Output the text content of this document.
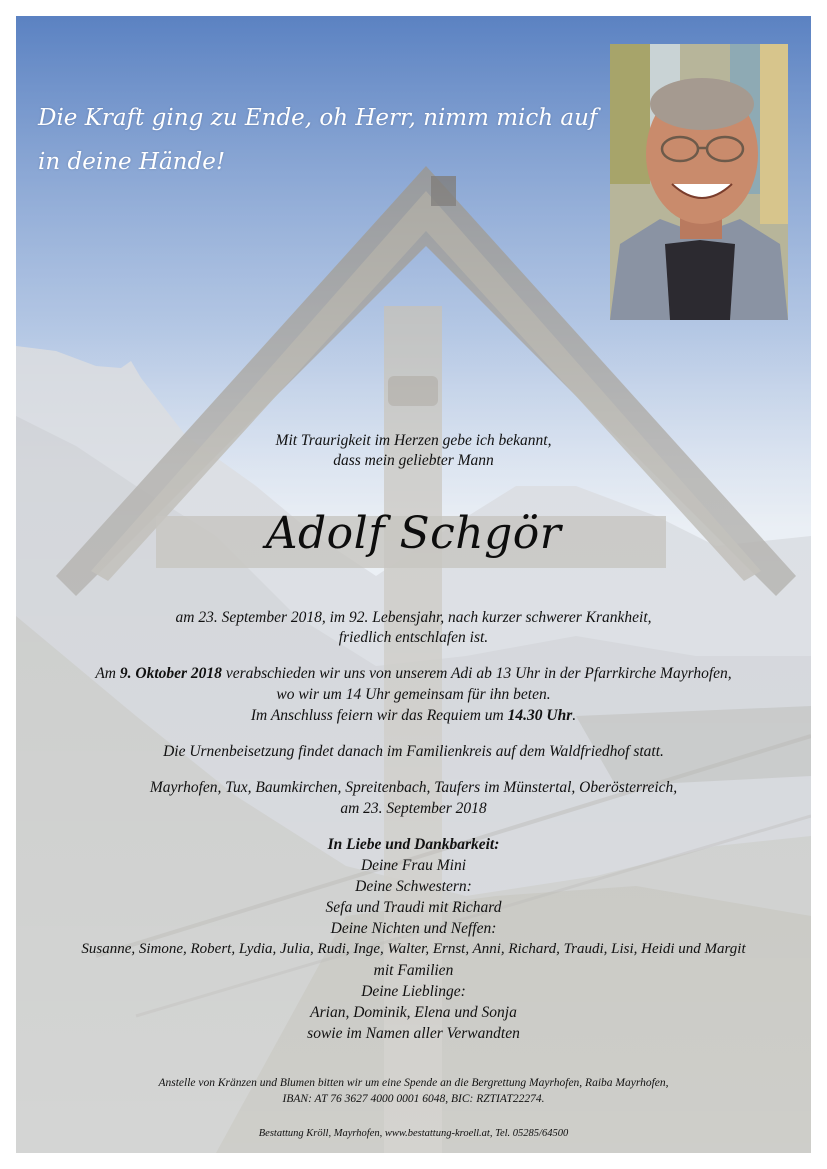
Die Kraft ging zu Ende, oh Herr, nimm mich auf
in deine Hände!

Mit Traurigkeit im Herzen gebe ich bekannt,

dass mein geliebter Mann

Adolf Schgör

am 23. September 2018, im 92. Lebensjahr, nach kurzer schwerer Krankheit,

friedlich entschlafen ist.

Am 9. Oktober 2018 verabschieden wir uns von unserem Adi ab 13 Uhr in der Pfarrkirche Mayrhofen,

wo wir um 14 Uhr gemeinsam für ihn beten.

Im Anschluss feiern wir das Requiem um 14.30 Uhr.

Die Urnenbeisetzung findet danach im Familienkreis auf dem Waldfriedhof statt.

Mayrhofen, Tux, Baumkirchen, Spreitenbach, Taufers im Münstertal, Oberösterreich,

am 23. September 2018

In Liebe und Dankbarkeit:

Deine Frau Mini

Deine Schwestern:

Sefa und Traudi mit Richard

Deine Nichten und Neffen:

Susanne, Simone, Robert, Lydia, Julia, Rudi, Inge, Walter, Ernst, Anni, Richard, Traudi, Lisi, Heidi und Margit

mit Familien

Deine Lieblinge:

Arian, Dominik, Elena und Sonja

sowie im Namen aller Verwandten

Anstelle von Kränzen und Blumen bitten wir um eine Spende an die Bergrettung Mayrhofen, Raiba Mayrhofen,

IBAN: AT 76 3627 4000 0001 6048, BIC: RZTIAT22274.

Bestattung Kröll, Mayrhofen, www.bestattung-kroell.at, Tel. 05285/64500
